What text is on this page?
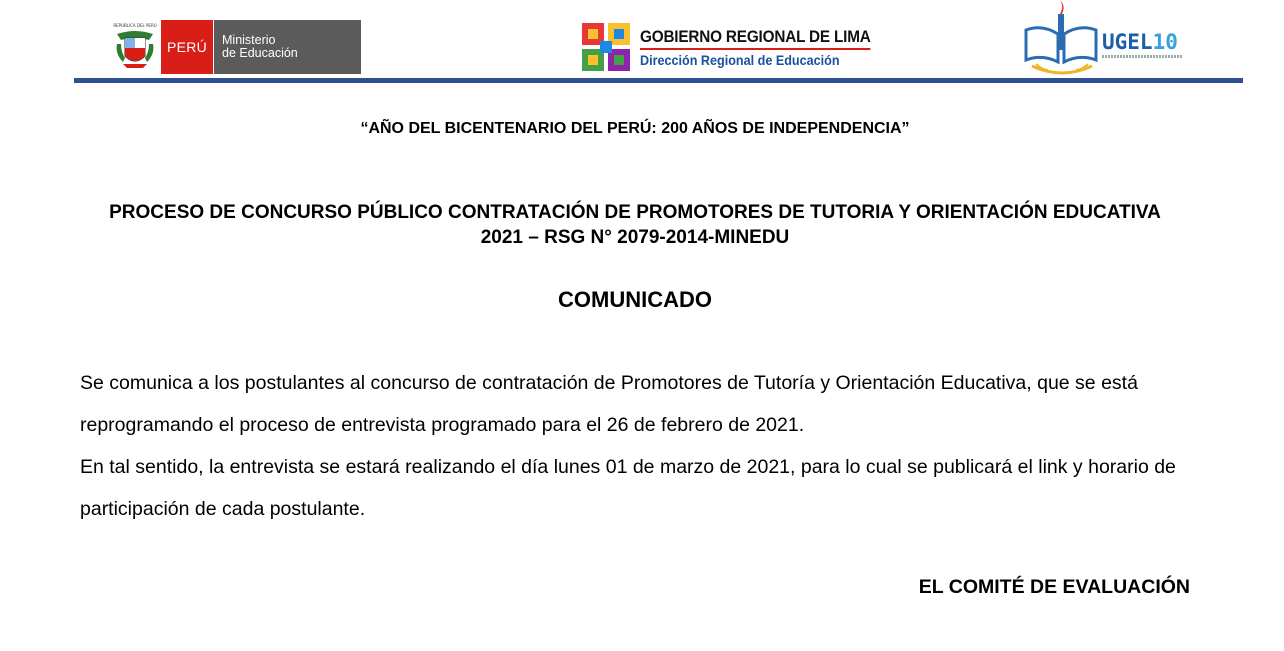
REPÚBLICA DEL PERÚ
PERÚ	Ministerio
de Educación
GOBIERNO REGIONAL DE LIMA
Dirección Regional de Educación
UGEL10
“AÑO DEL BICENTENARIO DEL PERÚ: 200 AÑOS DE INDEPENDENCIA”
PROCESO DE CONCURSO PÚBLICO CONTRATACIÓN DE PROMOTORES DE TUTORIA Y ORIENTACIÓN EDUCATIVA
2021 – RSG N° 2079-2014-MINEDU
COMUNICADO

Se comunica a los postulantes al concurso de contratación de Promotores de Tutoría y Orientación Educativa, que se está reprogramando el proceso de entrevista programado para el 26 de febrero de 2021.

En tal sentido, la entrevista se estará realizando el día lunes 01 de marzo de 2021, para lo cual se publicará el link y horario de participación de cada postulante.

EL COMITÉ DE EVALUACIÓN
